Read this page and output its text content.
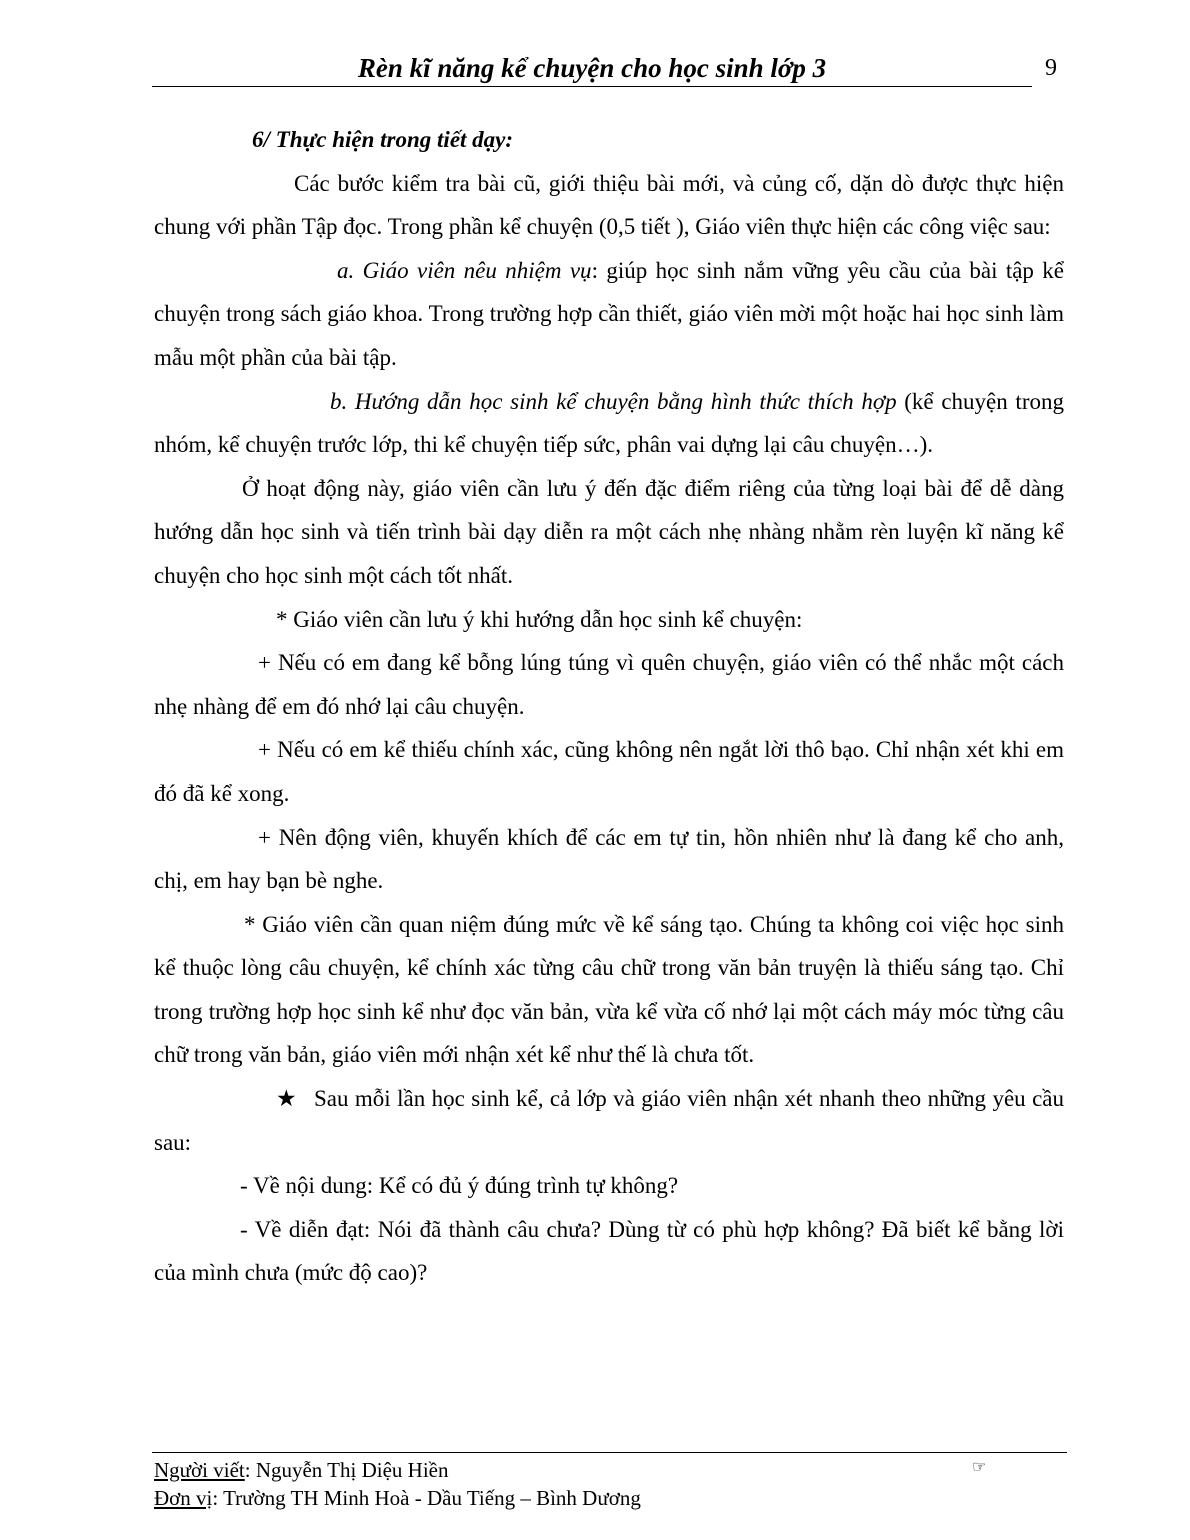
Rèn kĩ năng kể chuyện cho học sinh lớp 3	9

6/ Thực hiện trong tiết dạy:

Các bước kiểm tra bài cũ, giới thiệu bài mới, và củng cố, dặn dò được thực hiện chung với phần Tập đọc. Trong phần kể chuyện (0,5 tiết ), Giáo viên thực hiện các công việc sau:

a. Giáo viên nêu nhiệm vụ: giúp học sinh nắm vững yêu cầu của bài tập kể chuyện trong sách giáo khoa. Trong trường hợp cần thiết, giáo viên mời một hoặc hai học sinh làm mẫu một phần của bài tập.

b. Hướng dẫn học sinh kể chuyện bằng hình thức thích hợp (kể chuyện trong nhóm, kể chuyện trước lớp, thi kể chuyện tiếp sức, phân vai dựng lại câu chuyện…).

Ở hoạt động này, giáo viên cần lưu ý đến đặc điểm riêng của từng loại bài để dễ dàng hướng dẫn học sinh và tiến trình bài dạy diễn ra một cách nhẹ nhàng nhằm rèn luyện kĩ năng kể chuyện cho học sinh một cách tốt nhất.

* Giáo viên cần lưu ý khi hướng dẫn học sinh kể chuyện:

+ Nếu có em đang kể bỗng lúng túng vì quên chuyện, giáo viên có thể nhắc một cách nhẹ nhàng để em đó nhớ lại câu chuyện.

+ Nếu có em kể thiếu chính xác, cũng không nên ngắt lời thô bạo. Chỉ nhận xét khi em đó đã kể xong.

+ Nên động viên, khuyến khích để các em tự tin, hồn nhiên như là đang kể cho anh, chị, em hay bạn bè nghe.

* Giáo viên cần quan niệm đúng mức về kể sáng tạo. Chúng ta không coi việc học sinh kể thuộc lòng câu chuyện, kể chính xác từng câu chữ trong văn bản truyện là thiếu sáng tạo. Chỉ trong trường hợp học sinh kể như đọc văn bản, vừa kể vừa cố nhớ lại một cách máy móc từng câu chữ trong văn bản, giáo viên mới nhận xét kể như thế là chưa tốt.

★ Sau mỗi lần học sinh kể, cả lớp và giáo viên nhận xét nhanh theo những yêu cầu sau:

- Về nội dung: Kể có đủ ý đúng trình tự không?

- Về diễn đạt: Nói đã thành câu chưa? Dùng từ có phù hợp không? Đã biết kể bằng lời của mình chưa (mức độ cao)?

Người viết: Nguyễn Thị Diệu Hiền
Đơn vị: Trường TH Minh Hoà - Dầu Tiếng – Bình Dương
☞
